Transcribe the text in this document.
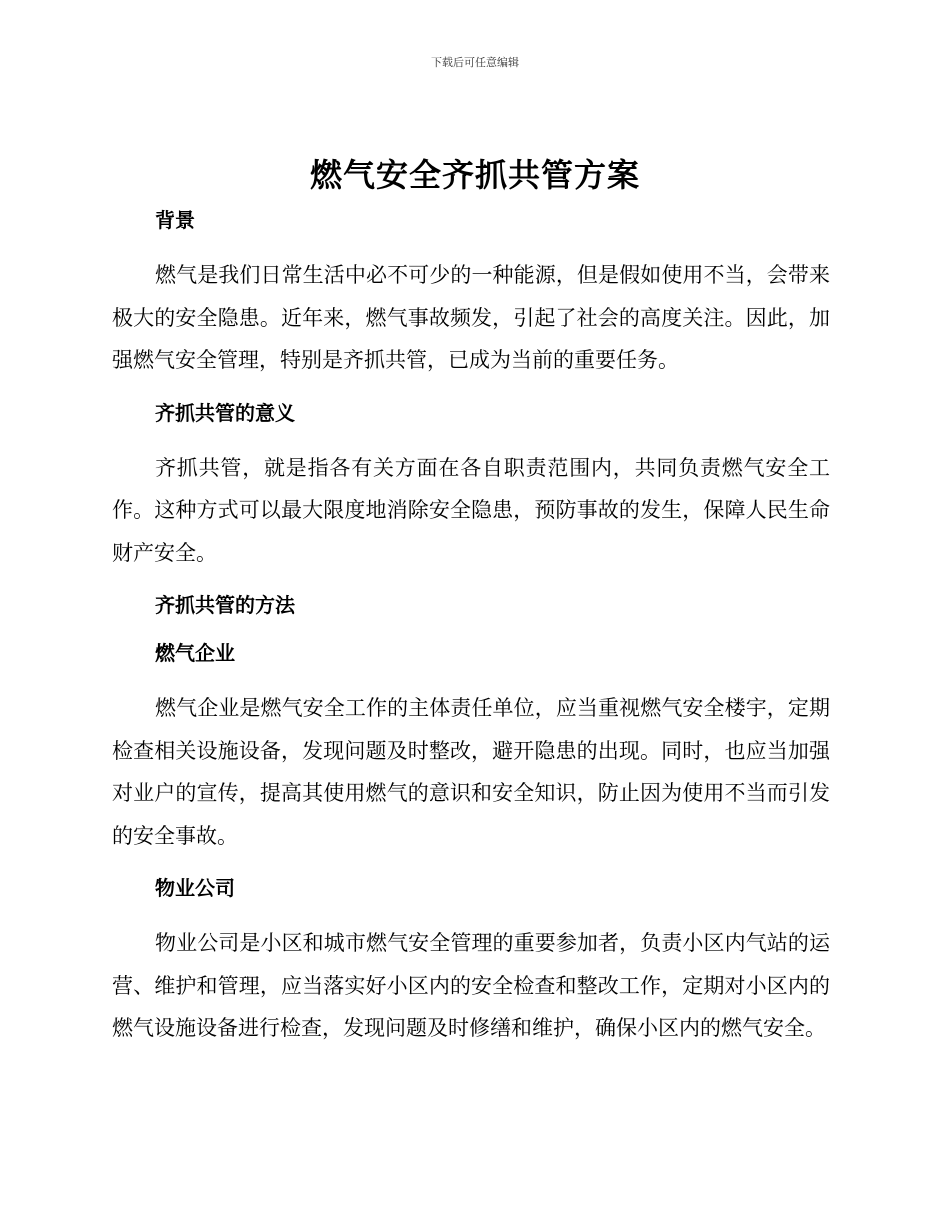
下载后可任意编辑
燃气安全齐抓共管方案
背景

燃气是我们日常生活中必不可少的一种能源，但是假如使用不当，会带来极大的安全隐患。近年来，燃气事故频发，引起了社会的高度关注。因此，加强燃气安全管理，特别是齐抓共管，已成为当前的重要任务。

齐抓共管的意义

齐抓共管，就是指各有关方面在各自职责范围内，共同负责燃气安全工作。这种方式可以最大限度地消除安全隐患，预防事故的发生，保障人民生命财产安全。

齐抓共管的方法
燃气企业

燃气企业是燃气安全工作的主体责任单位，应当重视燃气安全楼宇，定期检查相关设施设备，发现问题及时整改，避开隐患的出现。同时，也应当加强对业户的宣传，提高其使用燃气的意识和安全知识，防止因为使用不当而引发的安全事故。

物业公司

物业公司是小区和城市燃气安全管理的重要参加者，负责小区内气站的运营、维护和管理，应当落实好小区内的安全检查和整改工作，定期对小区内的燃气设施设备进行检查，发现问题及时修缮和维护，确保小区内的燃气安全。
